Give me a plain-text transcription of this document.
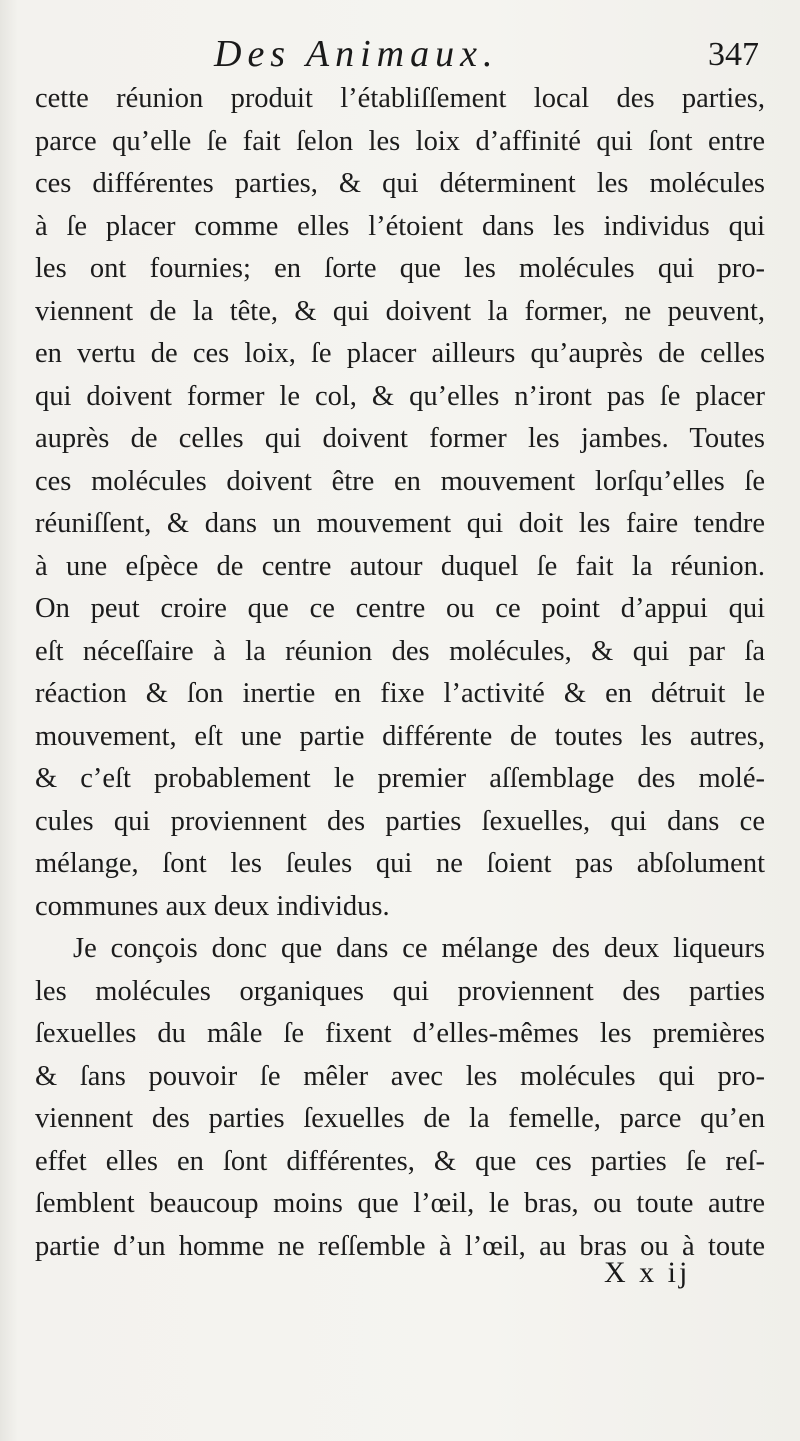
Des Animaux.	347
cette réunion produit l’établiſſement local des parties,
parce qu’elle ſe fait ſelon les loix d’affinité qui ſont entre
ces différentes parties, & qui déterminent les molécules
à ſe placer comme elles l’étoient dans les individus qui
les ont fournies; en ſorte que les molécules qui pro-
viennent de la tête, & qui doivent la former, ne peuvent,
en vertu de ces loix, ſe placer ailleurs qu’auprès de celles
qui doivent former le col, & qu’elles n’iront pas ſe placer
auprès de celles qui doivent former les jambes. Toutes
ces molécules doivent être en mouvement lorſqu’elles ſe
réuniſſent, & dans un mouvement qui doit les faire tendre
à une eſpèce de centre autour duquel ſe fait la réunion.
On peut croire que ce centre ou ce point d’appui qui
eſt néceſſaire à la réunion des molécules, & qui par ſa
réaction & ſon inertie en fixe l’activité & en détruit le
mouvement, eſt une partie différente de toutes les autres,
& c’eſt probablement le premier aſſemblage des molé-
cules qui proviennent des parties ſexuelles, qui dans ce
mélange, ſont les ſeules qui ne ſoient pas abſolument
communes aux deux individus.
Je conçois donc que dans ce mélange des deux liqueurs
les molécules organiques qui proviennent des parties
ſexuelles du mâle ſe fixent d’elles-mêmes les premières
& ſans pouvoir ſe mêler avec les molécules qui pro-
viennent des parties ſexuelles de la femelle, parce qu’en
effet elles en ſont différentes, & que ces parties ſe reſ-
ſemblent beaucoup moins que l’œil, le bras, ou toute autre
partie d’un homme ne reſſemble à l’œil, au bras ou à toute
X x ij
